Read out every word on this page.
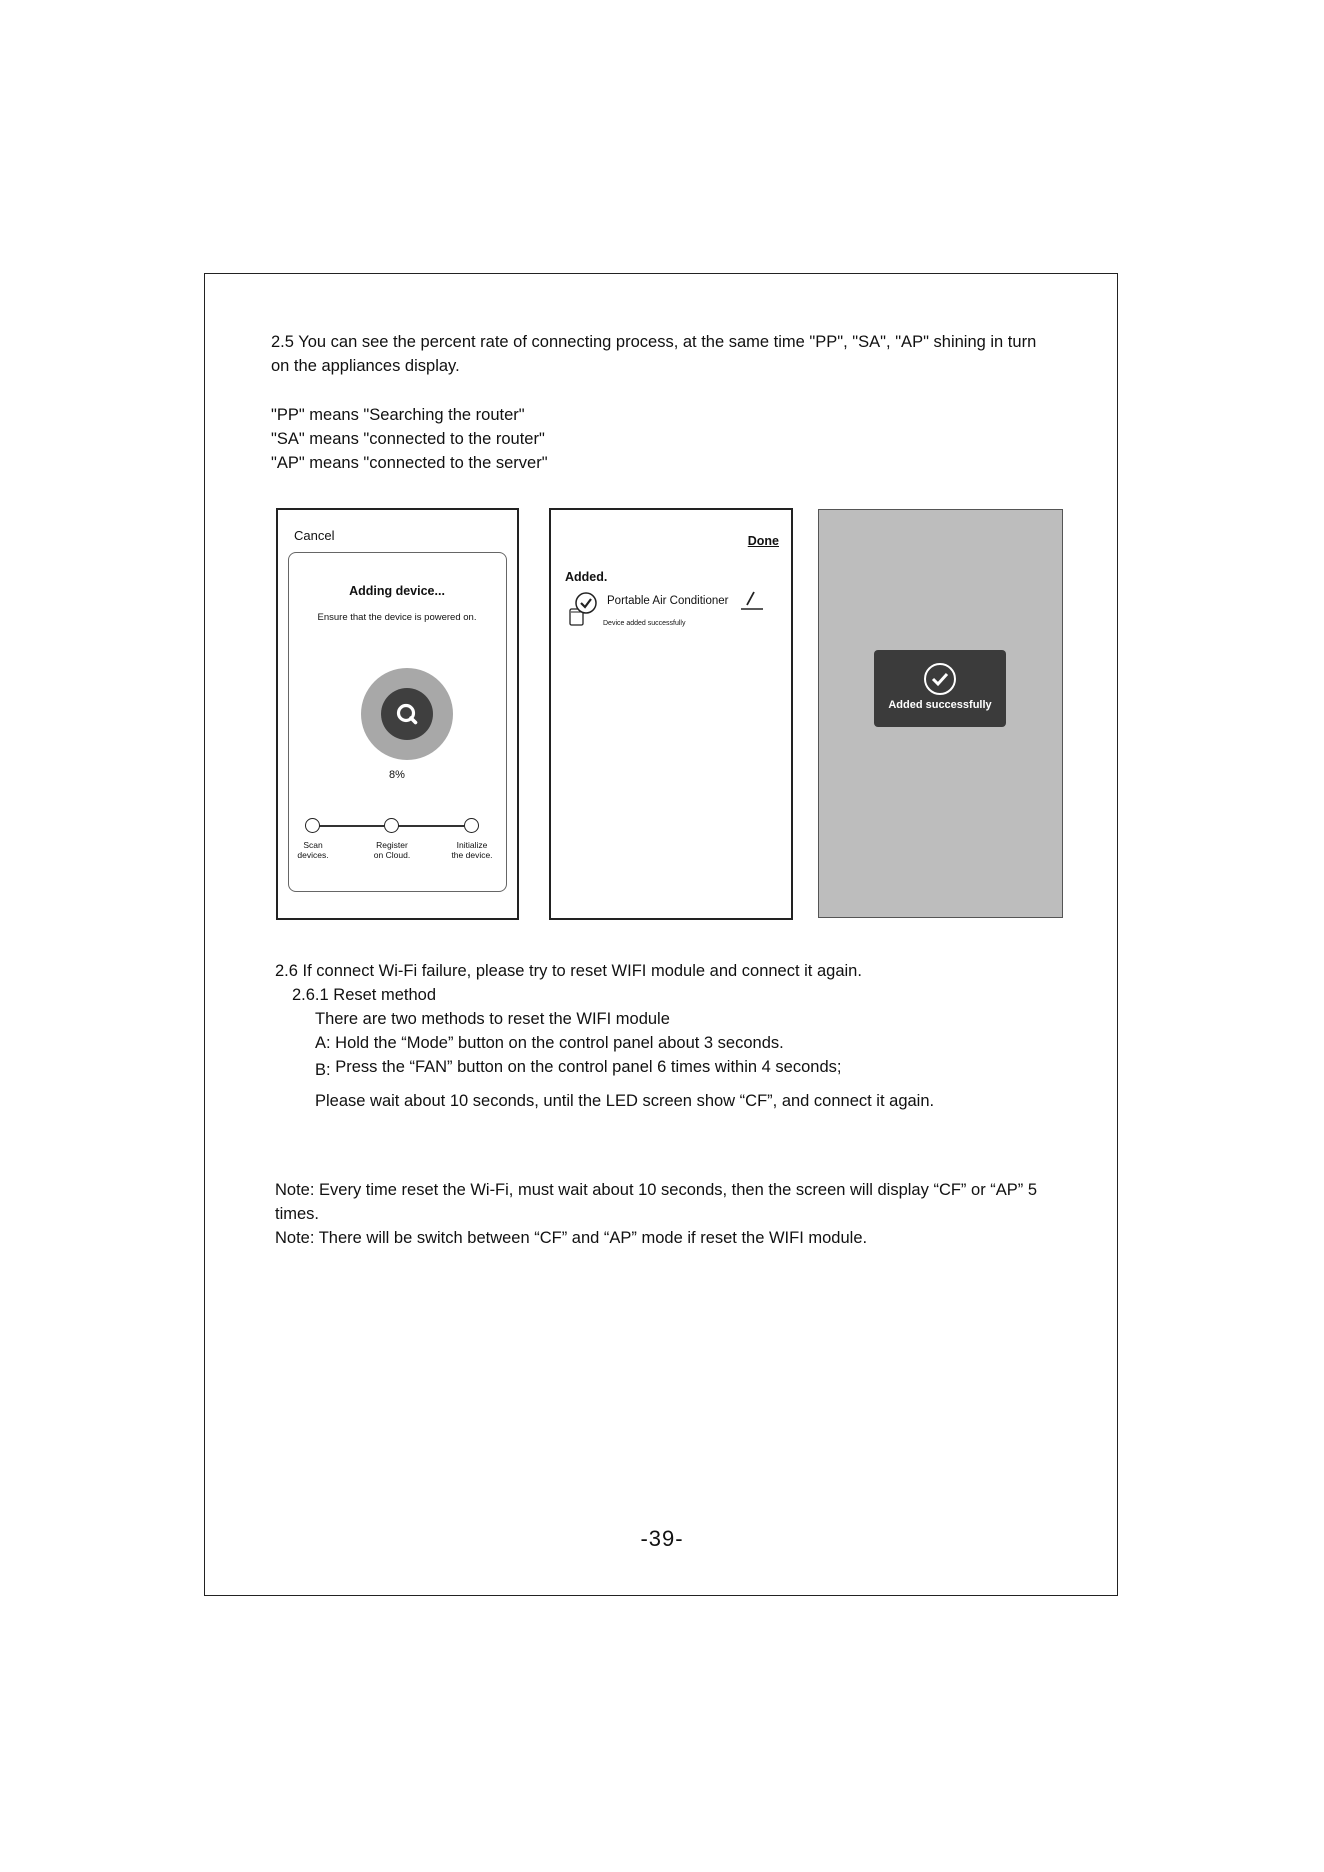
2.5 You can see the percent rate of connecting process, at the same time "PP", "SA", "AP" shining in turn
on the appliances display.
"PP" means "Searching the router"
"SA" means "connected to the router"
"AP" means "connected to the server"
Cancel
Adding device...
Ensure that the device is powered on.
8%
Scan
devices.
Register
on Cloud.
Initialize
the device.
Done
Added.
Portable Air Conditioner
Device added successfully
Added successfully
2.6 If connect Wi-Fi failure, please try to reset WIFI module and connect it again.
2.6.1 Reset method
There are two methods to reset the WIFI module
A: Hold the “Mode” button on the control panel about 3 seconds.
B: Press the “FAN” button on the control panel 6 times within 4 seconds;
Please wait about 10 seconds, until the LED screen show “CF”, and connect it again.
Note: Every time reset the Wi-Fi, must wait about 10 seconds, then the screen will display “CF” or “AP” 5
times.
Note: There will be switch between “CF” and “AP” mode if reset the WIFI module.
-39-
